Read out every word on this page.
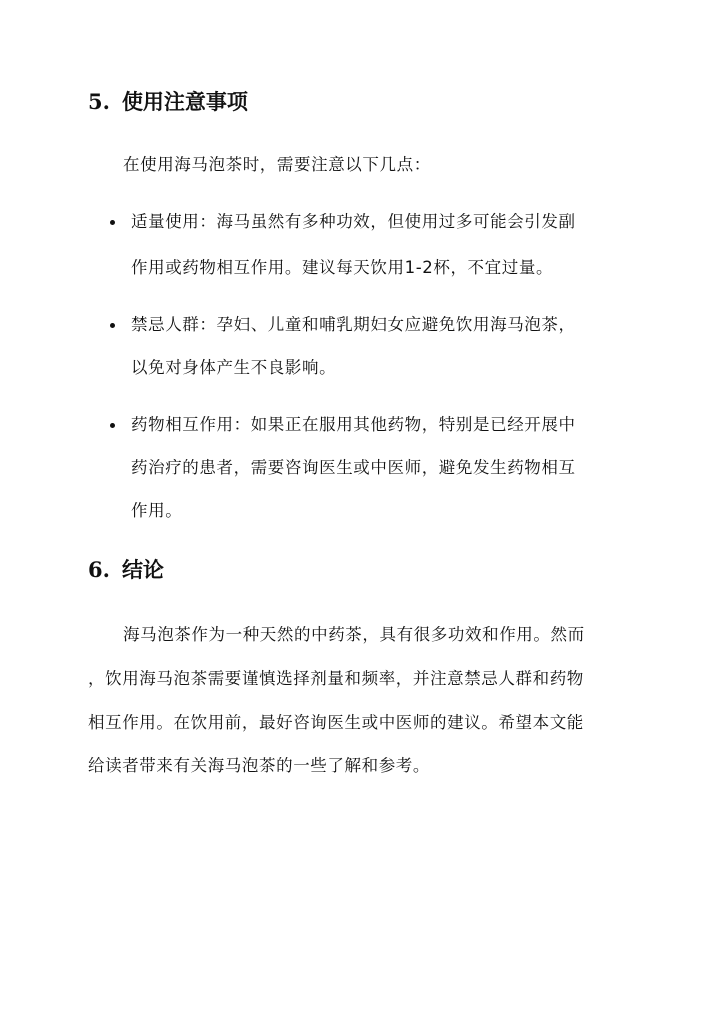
5. 使用注意事项

在使用海马泡茶时，需要注意以下几点：

适量使用：海马虽然有多种功效，但使用过多可能会引发副

作用或药物相互作用。建议每天饮用1-2杯，不宜过量。

禁忌人群：孕妇、儿童和哺乳期妇女应避免饮用海马泡茶，

以免对身体产生不良影响。

药物相互作用：如果正在服用其他药物，特别是已经开展中

药治疗的患者，需要咨询医生或中医师，避免发生药物相互

作用。

6. 结论

海马泡茶作为一种天然的中药茶，具有很多功效和作用。然而

，饮用海马泡茶需要谨慎选择剂量和频率，并注意禁忌人群和药物

相互作用。在饮用前，最好咨询医生或中医师的建议。希望本文能

给读者带来有关海马泡茶的一些了解和参考。
